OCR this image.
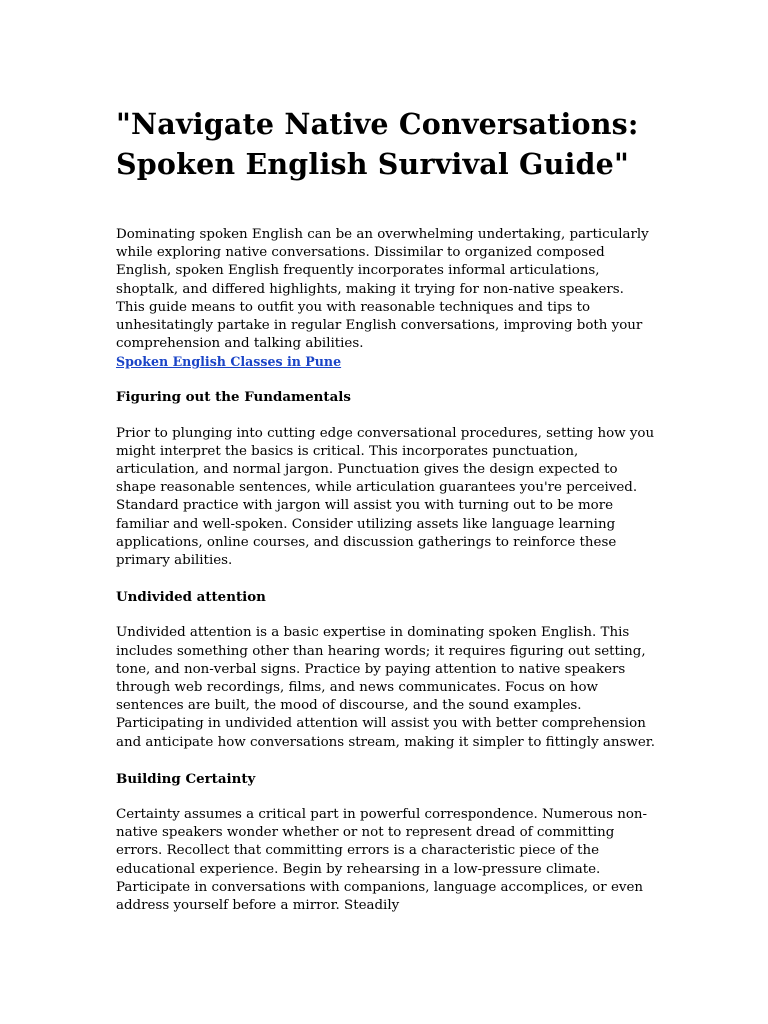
"Navigate Native Conversations: Spoken English Survival Guide"

Dominating spoken English can be an overwhelming undertaking, particularly while exploring native conversations. Dissimilar to organized composed English, spoken English frequently incorporates informal articulations, shoptalk, and differed highlights, making it trying for non-native speakers. This guide means to outfit you with reasonable techniques and tips to unhesitatingly partake in regular English conversations, improving both your comprehension and talking abilities.

Spoken English Classes in Pune

Figuring out the Fundamentals

Prior to plunging into cutting edge conversational procedures, setting how you might interpret the basics is critical. This incorporates punctuation, articulation, and normal jargon. Punctuation gives the design expected to shape reasonable sentences, while articulation guarantees you're perceived. Standard practice with jargon will assist you with turning out to be more familiar and well-spoken. Consider utilizing assets like language learning applications, online courses, and discussion gatherings to reinforce these primary abilities.

Undivided attention

Undivided attention is a basic expertise in dominating spoken English. This includes something other than hearing words; it requires figuring out setting, tone, and non-verbal signs. Practice by paying attention to native speakers through web recordings, films, and news communicates. Focus on how sentences are built, the mood of discourse, and the sound examples. Participating in undivided attention will assist you with better comprehension and anticipate how conversations stream, making it simpler to fittingly answer.

Building Certainty

Certainty assumes a critical part in powerful correspondence. Numerous non-native speakers wonder whether or not to represent dread of committing errors. Recollect that committing errors is a characteristic piece of the educational experience. Begin by rehearsing in a low-pressure climate. Participate in conversations with companions, language accomplices, or even address yourself before a mirror. Steadily
